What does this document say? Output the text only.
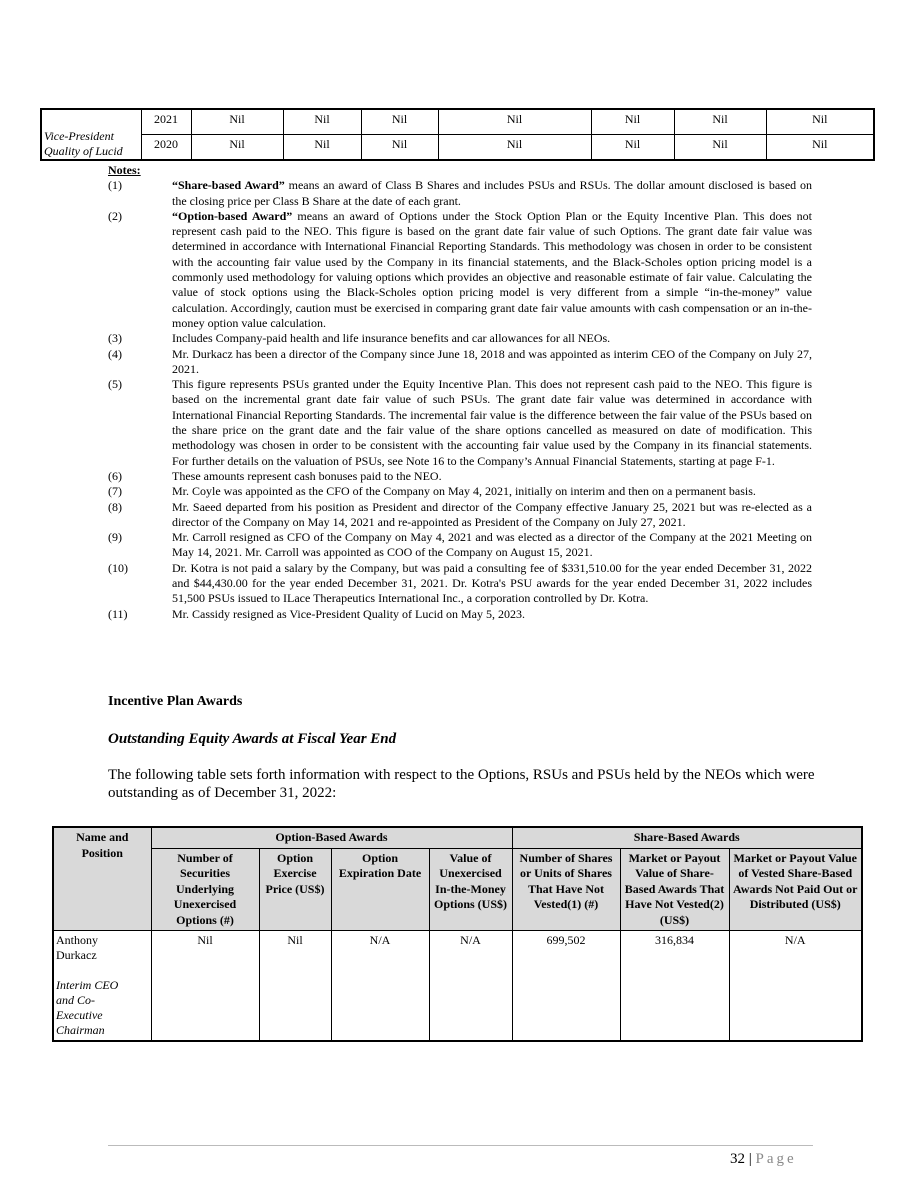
Vice-President
Quality of Lucid	2021	Nil	Nil	Nil	Nil	Nil	Nil	Nil
	2020	Nil	Nil	Nil	Nil	Nil	Nil	Nil
Notes:
(1)	“Share-based Award” means an award of Class B Shares and includes PSUs and RSUs. The dollar amount disclosed is based on the closing price per Class B Share at the date of each grant.
(2)	“Option-based Award” means an award of Options under the Stock Option Plan or the Equity Incentive Plan. This does not represent cash paid to the NEO. This figure is based on the grant date fair value of such Options. The grant date fair value was determined in accordance with International Financial Reporting Standards. This methodology was chosen in order to be consistent with the accounting fair value used by the Company in its financial statements, and the Black-Scholes option pricing model is a commonly used methodology for valuing options which provides an objective and reasonable estimate of fair value. Calculating the value of stock options using the Black-Scholes option pricing model is very different from a simple “in-the-money” value calculation. Accordingly, caution must be exercised in comparing grant date fair value amounts with cash compensation or an in-the-money option value calculation.
(3)	Includes Company-paid health and life insurance benefits and car allowances for all NEOs.
(4)	Mr. Durkacz has been a director of the Company since June 18, 2018 and was appointed as interim CEO of the Company on July 27, 2021.
(5)	This figure represents PSUs granted under the Equity Incentive Plan. This does not represent cash paid to the NEO. This figure is based on the incremental grant date fair value of such PSUs. The grant date fair value was determined in accordance with International Financial Reporting Standards. The incremental fair value is the difference between the fair value of the PSUs based on the share price on the grant date and the fair value of the share options cancelled as measured on date of modification. This methodology was chosen in order to be consistent with the accounting fair value used by the Company in its financial statements. For further details on the valuation of PSUs, see Note 16 to the Company’s Annual Financial Statements, starting at page F-1.
(6)	These amounts represent cash bonuses paid to the NEO.
(7)	Mr. Coyle was appointed as the CFO of the Company on May 4, 2021, initially on interim and then on a permanent basis.
(8)	Mr. Saeed departed from his position as President and director of the Company effective January 25, 2021 but was re-elected as a director of the Company on May 14, 2021 and re-appointed as President of the Company on July 27, 2021.
(9)	Mr. Carroll resigned as CFO of the Company on May 4, 2021 and was elected as a director of the Company at the 2021 Meeting on May 14, 2021. Mr. Carroll was appointed as COO of the Company on August 15, 2021.
(10)	Dr. Kotra is not paid a salary by the Company, but was paid a consulting fee of $331,510.00 for the year ended December 31, 2022 and $44,430.00 for the year ended December 31, 2021. Dr. Kotra's PSU awards for the year ended December 31, 2022 includes 51,500 PSUs issued to ILace Therapeutics International Inc., a corporation controlled by Dr. Kotra.
(11)	Mr. Cassidy resigned as Vice-President Quality of Lucid on May 5, 2023.
Incentive Plan Awards
Outstanding Equity Awards at Fiscal Year End
The following table sets forth information with respect to the Options, RSUs and PSUs held by the NEOs which were outstanding as of December 31, 2022:
Name and Position	Option-Based Awards				Share-Based Awards		
	Number of Securities Underlying Unexercised Options (#)	Option Exercise Price (US$)	Option Expiration Date	Value of Unexercised In-the-Money Options (US$)	Number of Shares or Units of Shares That Have Not Vested(1) (#)	Market or Payout Value of Share-Based Awards That Have Not Vested(2) (US$)	Market or Payout Value of Vested Share-Based Awards Not Paid Out or Distributed (US$)

Anthony Durkacz

Interim CEO and Co-Executive Chairman	Nil	Nil	N/A	N/A	699,502	316,834	N/A
32 | Page
